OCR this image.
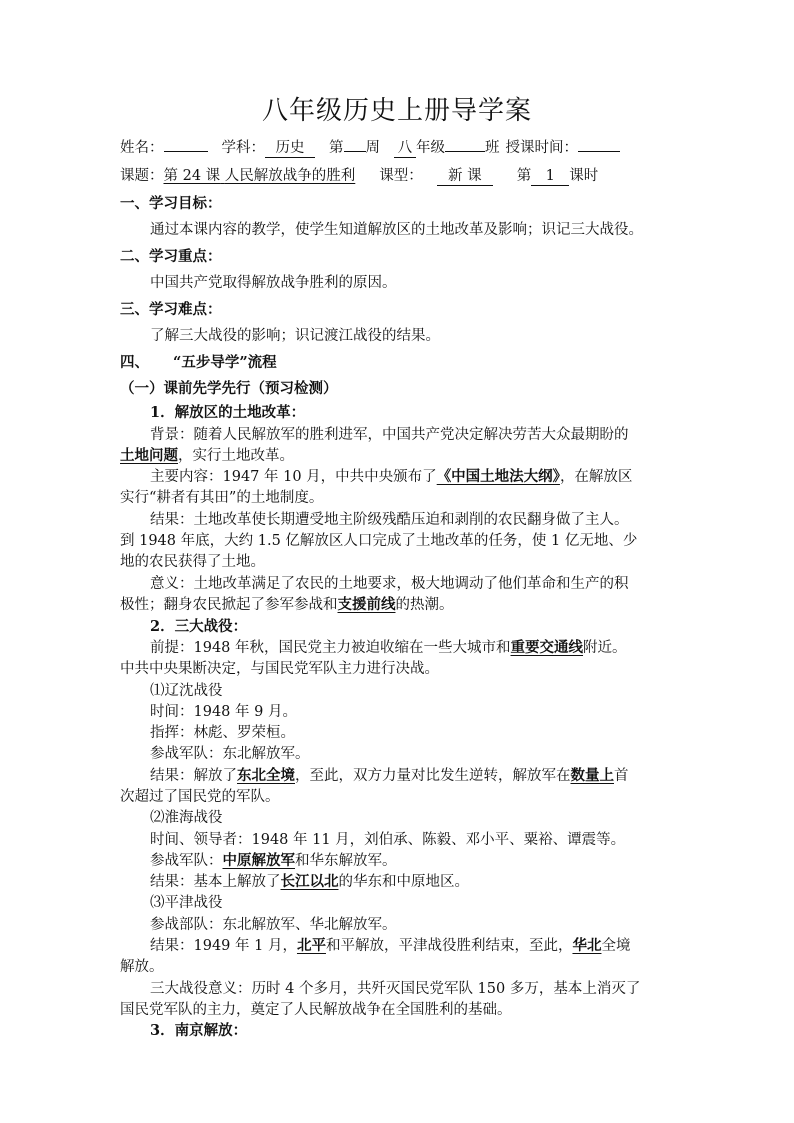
八年级历史上册导学案
姓名：	学科： 历史 第 周 八 年级	班 授课时间：
课题：第 24 课 人民解放战争的胜利 课型： 新 课 第 1 课时
一、学习目标：
通过本课内容的教学，使学生知道解放区的土地改革及影响；识记三大战役。
二、学习重点：
中国共产党取得解放战争胜利的原因。
三、学习难点：
了解三大战役的影响；识记渡江战役的结果。
四、 “五步导学”流程
（一）课前先学先行（预习检测）
1．解放区的土地改革：
背景：随着人民解放军的胜利进军，中国共产党决定解决劳苦大众最期盼的
土地问题，实行土地改革。
主要内容：1947 年 10 月，中共中央颁布了《中国土地法大纲》，在解放区
实行“耕者有其田”的土地制度。
结果：土地改革使长期遭受地主阶级残酷压迫和剥削的农民翻身做了主人。
到 1948 年底，大约 1.5 亿解放区人口完成了土地改革的任务，使 1 亿无地、少
地的农民获得了土地。
意义：土地改革满足了农民的土地要求，极大地调动了他们革命和生产的积
极性；翻身农民掀起了参军参战和支援前线的热潮。
2．三大战役：
前提：1948 年秋，国民党主力被迫收缩在一些大城市和重要交通线附近。
中共中央果断决定，与国民党军队主力进行决战。
⑴辽沈战役
时间：1948 年 9 月。
指挥：林彪、罗荣桓。
参战军队：东北解放军。
结果：解放了东北全境，至此，双方力量对比发生逆转，解放军在数量上首
次超过了国民党的军队。
⑵淮海战役
时间、领导者：1948 年 11 月，刘伯承、陈毅、邓小平、粟裕、谭震等。
参战军队：中原解放军和华东解放军。
结果：基本上解放了长江以北的华东和中原地区。
⑶平津战役
参战部队：东北解放军、华北解放军。
结果：1949 年 1 月，北平和平解放，平津战役胜利结束，至此，华北全境
解放。
三大战役意义：历时 4 个多月，共歼灭国民党军队 150 多万，基本上消灭了
国民党军队的主力，奠定了人民解放战争在全国胜利的基础。
3．南京解放：
